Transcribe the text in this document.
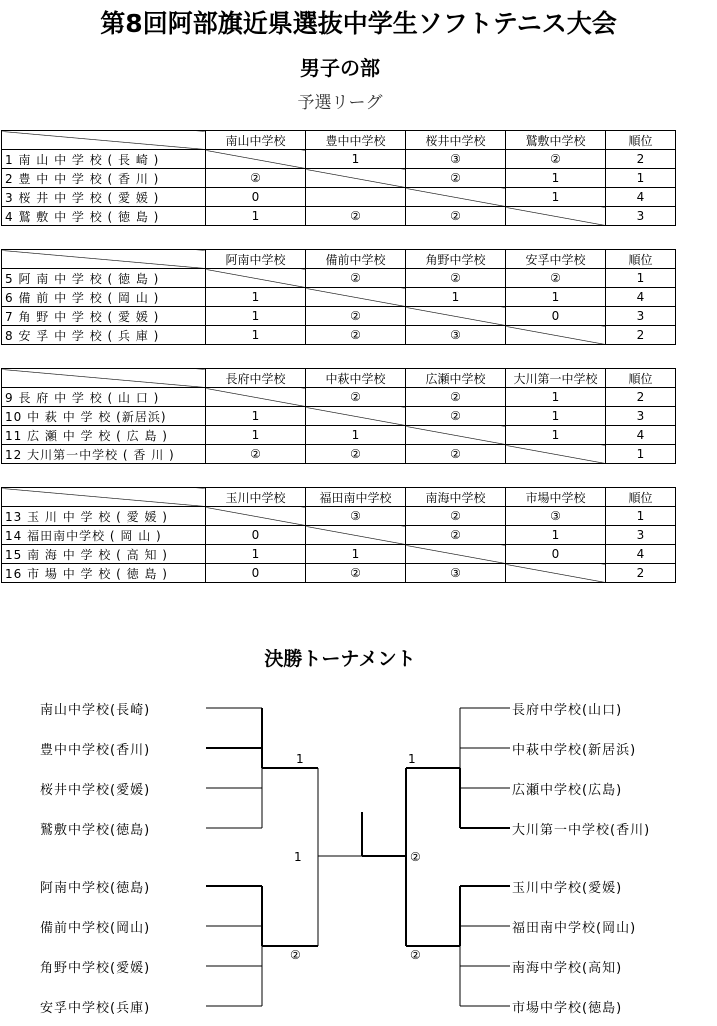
第8回阿部旗近県選抜中学生ソフトテニス大会
男子の部
予選リーグ
	南山中学校	豊中中学校	桜井中学校	鷲敷中学校	順位
1 南 山 中 学 校 ( 長 崎 )		1	③	②	2
2 豊 中 中 学 校 ( 香 川 )	②		②	1	1
3 桜 井 中 学 校 ( 愛 媛 )	0			1	4
4 鷲 敷 中 学 校 ( 徳 島 )	1	②	②		3
	阿南中学校	備前中学校	角野中学校	安孚中学校	順位
5 阿 南 中 学 校 ( 徳 島 )		②	②	②	1
6 備 前 中 学 校 ( 岡 山 )	1		1	1	4
7 角 野 中 学 校 ( 愛 媛 )	1	②		0	3
8 安 孚 中 学 校 ( 兵 庫 )	1	②	③		2
	長府中学校	中萩中学校	広瀬中学校	大川第一中学校	順位
9 長 府 中 学 校 ( 山 口 )		②	②	1	2
10 中 萩 中 学 校 (新居浜)	1		②	1	3
11 広 瀬 中 学 校 ( 広 島 )	1	1		1	4
12 大川第一中学校 ( 香 川 )	②	②	②		1
	玉川中学校	福田南中学校	南海中学校	市場中学校	順位
13 玉 川 中 学 校 ( 愛 媛 )		③	②	③	1
14 福田南中学校 ( 岡 山 )	0		②	1	3
15 南 海 中 学 校 ( 高 知 )	1	1		0	4
16 市 場 中 学 校 ( 徳 島 )	0	②	③		2
決勝トーナメント
南山中学校(長崎)
豊中中学校(香川)
桜井中学校(愛媛)
鷲敷中学校(徳島)
阿南中学校(徳島)
備前中学校(岡山)
角野中学校(愛媛)
安孚中学校(兵庫)
長府中学校(山口)
中萩中学校(新居浜)
広瀬中学校(広島)
大川第一中学校(香川)
玉川中学校(愛媛)
福田南中学校(岡山)
南海中学校(高知)
市場中学校(徳島)
1
1
1
②
②	②
